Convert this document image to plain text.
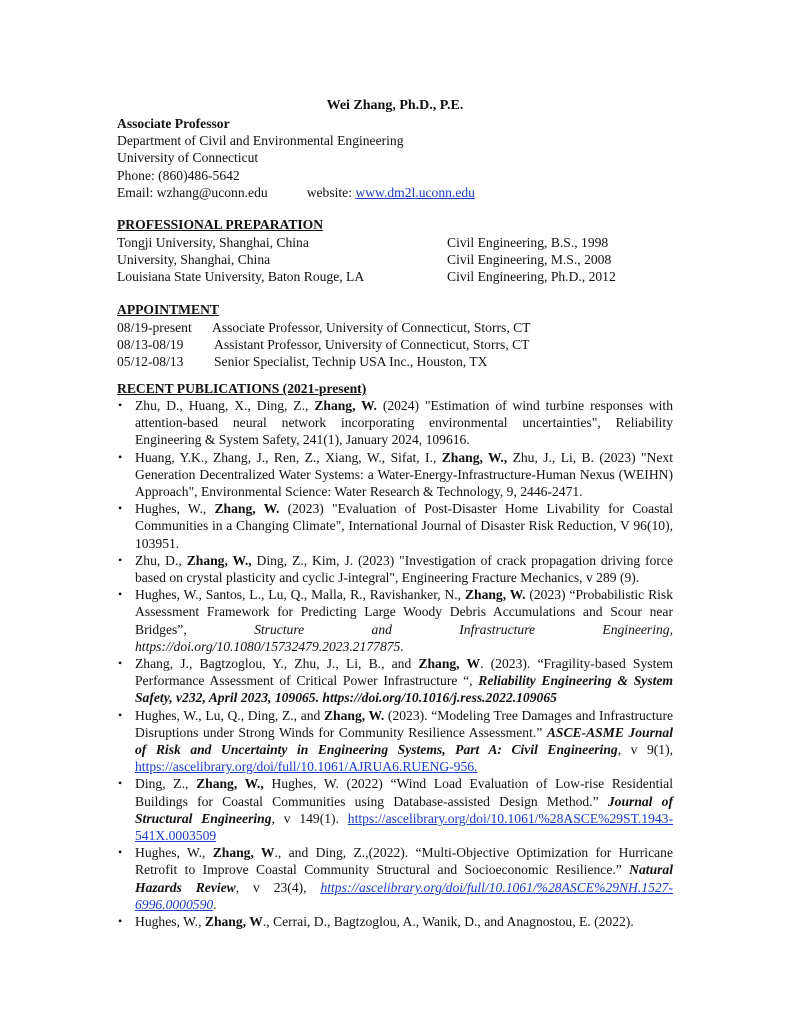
Wei Zhang, Ph.D., P.E.
Associate Professor
Department of Civil and Environmental Engineering
University of Connecticut
Phone: (860)486-5642
Email: wzhang@uconn.edu	website: www.dm2l.uconn.edu
PROFESSIONAL PREPARATION
Tongji University, Shanghai, China	Civil Engineering, B.S., 1998
University, Shanghai, China	Civil Engineering, M.S., 2008
Louisiana State University, Baton Rouge, LA	Civil Engineering, Ph.D., 2012
APPOINTMENT
08/19-present	Associate Professor, University of Connecticut, Storrs, CT
08/13-08/19	Assistant Professor, University of Connecticut, Storrs, CT
05/12-08/13	Senior Specialist, Technip USA Inc., Houston, TX
RECENT PUBLICATIONS (2021-present)
• Zhu, D., Huang, X., Ding, Z., Zhang, W. (2024) "Estimation of wind turbine responses with attention-based neural network incorporating environmental uncertainties", Reliability Engineering & System Safety, 241(1), January 2024, 109616.
• Huang, Y.K., Zhang, J., Ren, Z., Xiang, W., Sifat, I., Zhang, W., Zhu, J., Li, B. (2023) "Next Generation Decentralized Water Systems: a Water-Energy-Infrastructure-Human Nexus (WEIHN) Approach", Environmental Science: Water Research & Technology, 9, 2446-2471.
• Hughes, W., Zhang, W. (2023) "Evaluation of Post-Disaster Home Livability for Coastal Communities in a Changing Climate", International Journal of Disaster Risk Reduction, V 96(10), 103951.
• Zhu, D., Zhang, W., Ding, Z., Kim, J. (2023) "Investigation of crack propagation driving force based on crystal plasticity and cyclic J-integral", Engineering Fracture Mechanics, v 289 (9).
• Hughes, W., Santos, L., Lu, Q., Malla, R., Ravishanker, N., Zhang, W. (2023) “Probabilistic Risk Assessment Framework for Predicting Large Woody Debris Accumulations and Scour near Bridges”, Structure and Infrastructure Engineering, https://doi.org/10.1080/15732479.2023.2177875.
• Zhang, J., Bagtzoglou, Y., Zhu, J., Li, B., and Zhang, W. (2023). “Fragility-based System Performance Assessment of Critical Power Infrastructure “, Reliability Engineering & System Safety, v232, April 2023, 109065. https://doi.org/10.1016/j.ress.2022.109065
• Hughes, W., Lu, Q., Ding, Z., and Zhang, W. (2023). “Modeling Tree Damages and Infrastructure Disruptions under Strong Winds for Community Resilience Assessment.” ASCE-ASME Journal of Risk and Uncertainty in Engineering Systems, Part A: Civil Engineering, v 9(1), https://ascelibrary.org/doi/full/10.1061/AJRUA6.RUENG-956.
• Ding, Z., Zhang, W., Hughes, W. (2022) “Wind Load Evaluation of Low-rise Residential Buildings for Coastal Communities using Database-assisted Design Method.” Journal of Structural Engineering, v 149(1). https://ascelibrary.org/doi/10.1061/%28ASCE%29ST.1943-541X.0003509
• Hughes, W., Zhang, W., and Ding, Z.,(2022). “Multi-Objective Optimization for Hurricane Retrofit to Improve Coastal Community Structural and Socioeconomic Resilience.” Natural Hazards Review, v 23(4), https://ascelibrary.org/doi/full/10.1061/%28ASCE%29NH.1527-6996.0000590.
• Hughes, W., Zhang, W., Cerrai, D., Bagtzoglou, A., Wanik, D., and Anagnostou, E. (2022).
